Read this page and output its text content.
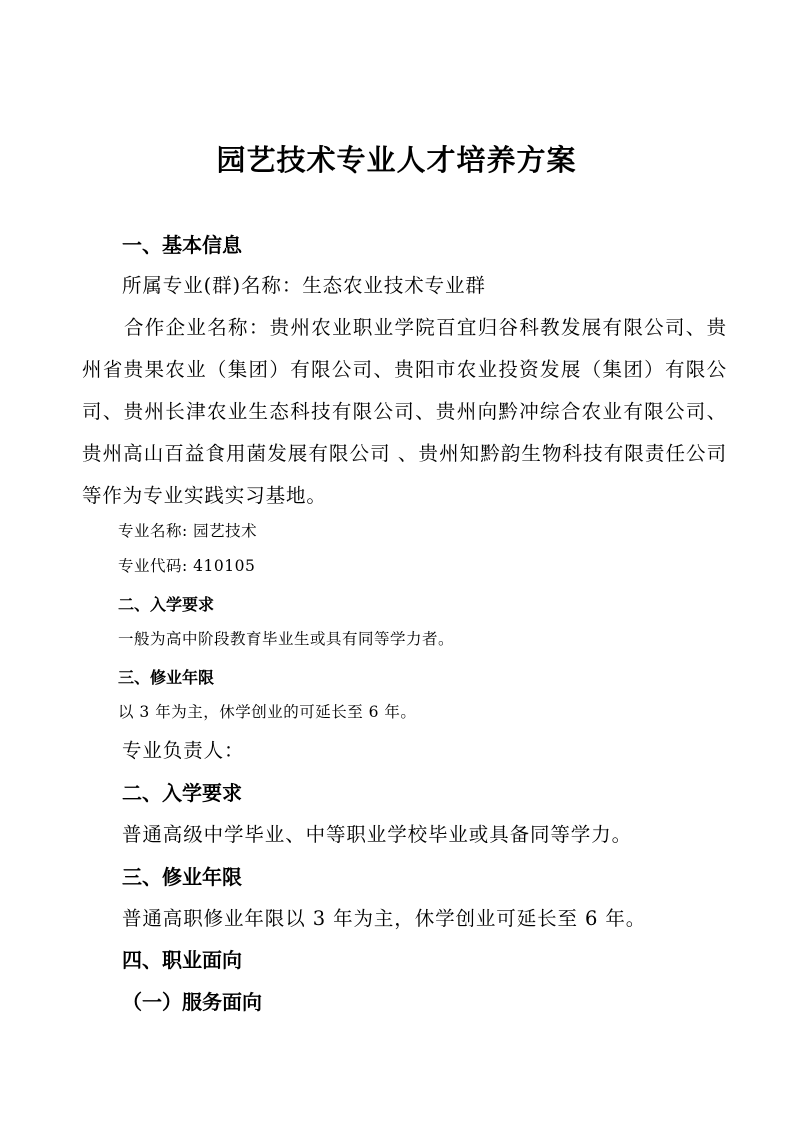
园艺技术专业人才培养方案
一、基本信息
所属专业(群)名称：生态农业技术专业群
合作企业名称：贵州农业职业学院百宜归谷科教发展有限公司、贵州省贵果农业（集团）有限公司、贵阳市农业投资发展（集团）有限公司、贵州长津农业生态科技有限公司、贵州向黔冲综合农业有限公司、贵州高山百益食用菌发展有限公司 、贵州知黔韵生物科技有限责任公司等作为专业实践实习基地。
专业名称: 园艺技术
专业代码: 410105
二、入学要求
一般为高中阶段教育毕业生或具有同等学力者。
三、修业年限
以 3 年为主，休学创业的可延长至 6 年。
专业负责人：
二、入学要求
普通高级中学毕业、中等职业学校毕业或具备同等学力。
三、修业年限
普通高职修业年限以 3 年为主，休学创业可延长至 6 年。
四、职业面向
（一）服务面向
